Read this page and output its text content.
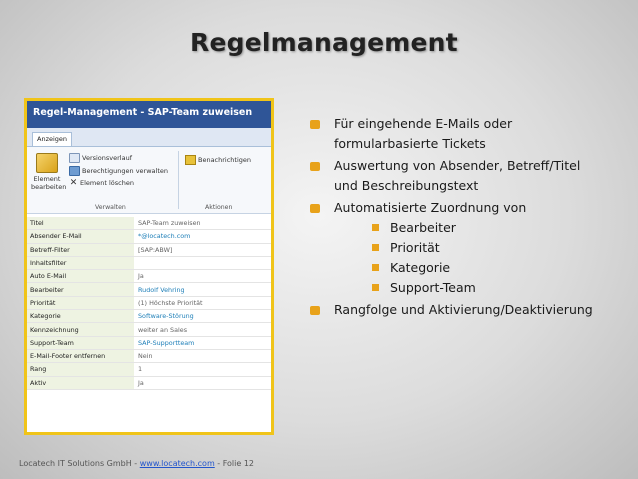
Regelmanagement
Regel-Management - SAP-Team zuweisen
Anzeigen
Element
bearbeiten
Versionsverlauf
Berechtigungen verwalten
✕ Element löschen
Benachrichtigen
Verwalten	Aktionen
Titel	SAP-Team zuweisen
Absender E-Mail	*@locatech.com
Betreff-Filter	[SAP:ABW]
Inhaltsfilter	
Auto E-Mail	Ja
Bearbeiter	Rudolf Vehring
Priorität	(1) Höchste Priorität
Kategorie	Software-Störung
Kennzeichnung	weiter an Sales
Support-Team	SAP-Supportteam
E-Mail-Footer entfernen	Nein
Rang	1
Aktiv	Ja
Für eingehende E-Mails oder
formularbasierte Tickets
Auswertung von Absender, Betreff/Titel
und Beschreibungstext
Automatisierte Zuordnung von
Bearbeiter
Priorität
Kategorie
Support-Team
Rangfolge und Aktivierung/Deaktivierung
Locatech IT Solutions GmbH - www.locatech.com - Folie 12
